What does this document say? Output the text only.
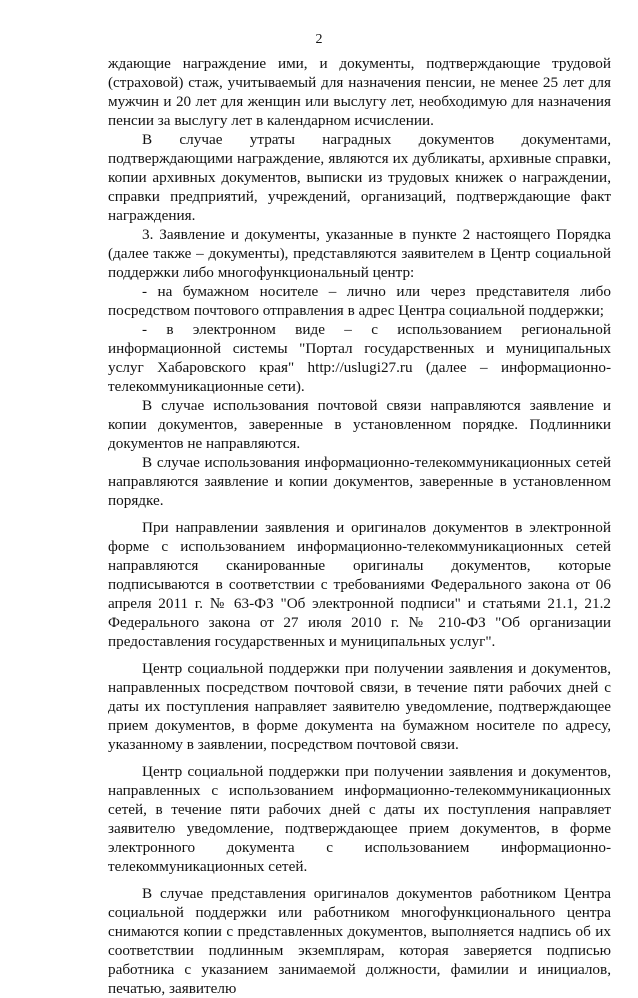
2

ждающие награждение ими, и документы, подтверждающие трудовой (страховой) стаж, учитываемый для назначения пенсии, не менее 25 лет для мужчин и 20 лет для женщин или выслугу лет, необходимую для назначения пенсии за выслугу лет в календарном исчислении.

В случае утраты наградных документов документами, подтверждающими награждение, являются их дубликаты, архивные справки, копии архивных документов, выписки из трудовых книжек о награждении, справки предприятий, учреждений, организаций, подтверждающие факт награждения.

3. Заявление и документы, указанные в пункте 2 настоящего Порядка (далее также – документы), представляются заявителем в Центр социальной поддержки либо многофункциональный центр:

- на бумажном носителе – лично или через представителя либо посредством почтового отправления в адрес Центра социальной поддержки;

- в электронном виде – с использованием региональной информационной системы "Портал государственных и муниципальных услуг Хабаровского края" http://uslugi27.ru (далее – информационно-телекоммуникационные сети).

В случае использования почтовой связи направляются заявление и копии документов, заверенные в установленном порядке. Подлинники документов не направляются.

В случае использования информационно-телекоммуникационных сетей направляются заявление и копии документов, заверенные в установленном порядке.

При направлении заявления и оригиналов документов в электронной форме с использованием информационно-телекоммуникационных сетей направляются сканированные оригиналы документов, которые подписываются в соответствии с требованиями Федерального закона от 06 апреля 2011 г. № 63-ФЗ "Об электронной подписи" и статьями 21.1, 21.2 Федерального закона от 27 июля 2010 г. № 210-ФЗ "Об организации предоставления государственных и муниципальных услуг".

Центр социальной поддержки при получении заявления и документов, направленных посредством почтовой связи, в течение пяти рабочих дней с даты их поступления направляет заявителю уведомление, подтверждающее прием документов, в форме документа на бумажном носителе по адресу, указанному в заявлении, посредством почтовой связи.

Центр социальной поддержки при получении заявления и документов, направленных с использованием информационно-телекоммуникационных сетей, в течение пяти рабочих дней с даты их поступления направляет заявителю уведомление, подтверждающее прием документов, в форме электронного документа с использованием информационно-телекоммуникационных сетей.

В случае представления оригиналов документов работником Центра социальной поддержки или работником многофункционального центра снимаются копии с представленных документов, выполняется надпись об их соответствии подлинным экземплярам, которая заверяется подписью работника с указанием занимаемой должности, фамилии и инициалов, печатью, заявителю
